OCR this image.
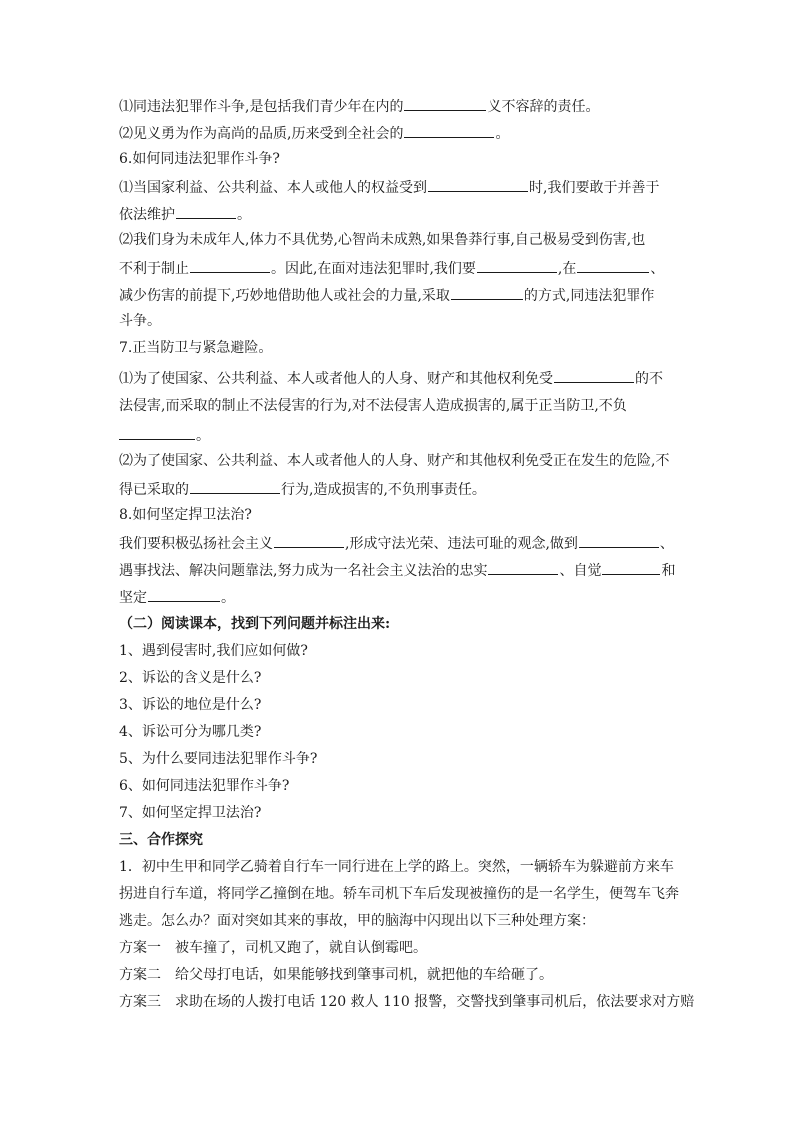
⑴同违法犯罪作斗争,是包括我们青少年在内的	义不容辞的责任。
⑵见义勇为作为高尚的品质,历来受到全社会的	。
6.如何同违法犯罪作斗争?
⑴当国家利益、公共利益、本人或他人的权益受到	时,我们要敢于并善于
依法维护	。
⑵我们身为未成年人,体力不具优势,心智尚未成熟,如果鲁莽行事,自己极易受到伤害,也
不利于制止	。因此,在面对违法犯罪时,我们要	,在	、
减少伤害的前提下,巧妙地借助他人或社会的力量,采取	的方式,同违法犯罪作
斗争。
7.正当防卫与紧急避险。
⑴为了使国家、公共利益、本人或者他人的人身、财产和其他权利免受	的不
法侵害,而采取的制止不法侵害的行为,对不法侵害人造成损害的,属于正当防卫,不负
。
⑵为了使国家、公共利益、本人或者他人的人身、财产和其他权利免受正在发生的危险,不
得已采取的	行为,造成损害的,不负刑事责任。
8.如何坚定捍卫法治?
我们要积极弘扬社会主义	,形成守法光荣、违法可耻的观念,做到	、
遇事找法、解决问题靠法,努力成为一名社会主义法治的忠实	、自觉	和
坚定	。
（二）阅读课本，找到下列问题并标注出来:
1、遇到侵害时,我们应如何做?
2、诉讼的含义是什么?
3、诉讼的地位是什么?
4、诉讼可分为哪几类?
5、为什么要同违法犯罪作斗争?
6、如何同违法犯罪作斗争?
7、如何坚定捍卫法治?
三、合作探究
1．初中生甲和同学乙骑着自行车一同行进在上学的路上。突然，一辆轿车为躲避前方来车
拐进自行车道，将同学乙撞倒在地。轿车司机下车后发现被撞伤的是一名学生，便驾车飞奔
逃走。怎么办？面对突如其来的事故，甲的脑海中闪现出以下三种处理方案：
方案一　被车撞了，司机又跑了，就自认倒霉吧。
方案二　给父母打电话，如果能够找到肇事司机，就把他的车给砸了。
方案三　求助在场的人拨打电话 120 救人 110 报警，交警找到肇事司机后，依法要求对方赔
